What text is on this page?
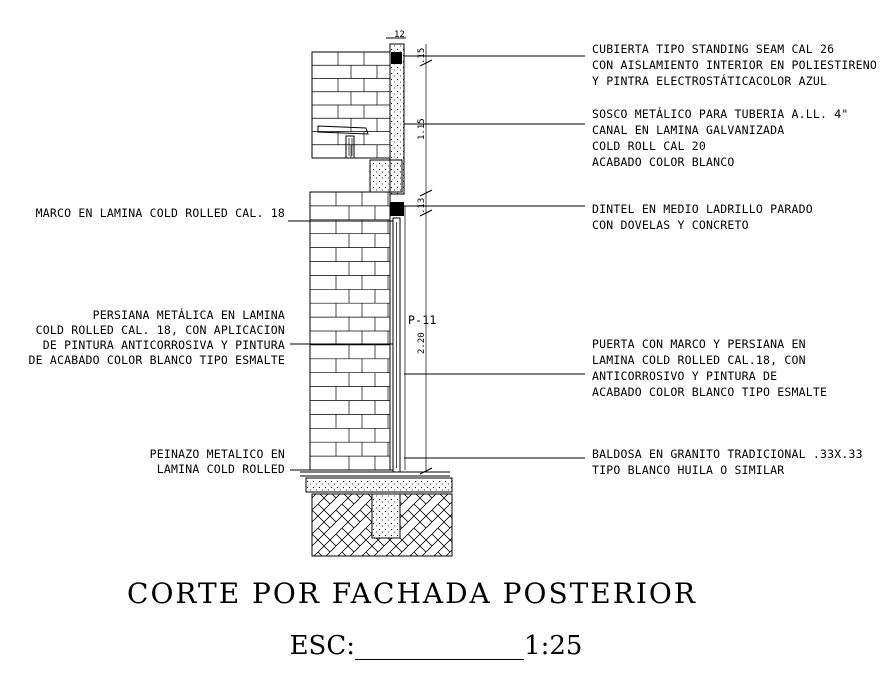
12
.15
1.15
.13
2.20
P-11
MARCO EN LAMINA COLD ROLLED CAL. 18
PERSIANA METÁLICA EN LAMINA
COLD ROLLED CAL. 18, CON APLICACION
DE PINTURA ANTICORROSIVA Y PINTURA
DE ACABADO COLOR BLANCO TIPO ESMALTE
PEINAZO METALICO EN
LAMINA COLD ROLLED
CUBIERTA TIPO STANDING SEAM CAL 26
CON AISLAMIENTO INTERIOR EN POLIESTIRENO
Y PINTRA ELECTROSTÁTICACOLOR AZUL
SOSCO METÁLICO PARA TUBERIA A.LL. 4"
CANAL EN LAMINA GALVANIZADA
COLD ROLL CAL 20
ACABADO COLOR BLANCO
DINTEL EN MEDIO LADRILLO PARADO
CON DOVELAS Y CONCRETO
PUERTA CON MARCO Y PERSIANA EN
LAMINA COLD ROLLED CAL.18, CON
ANTICORROSIVO Y PINTURA DE
ACABADO COLOR BLANCO TIPO ESMALTE
BALDOSA EN GRANITO TRADICIONAL .33X.33
TIPO BLANCO HUILA O SIMILAR
CORTE POR FACHADA POSTERIOR
ESC:_____________1:25
